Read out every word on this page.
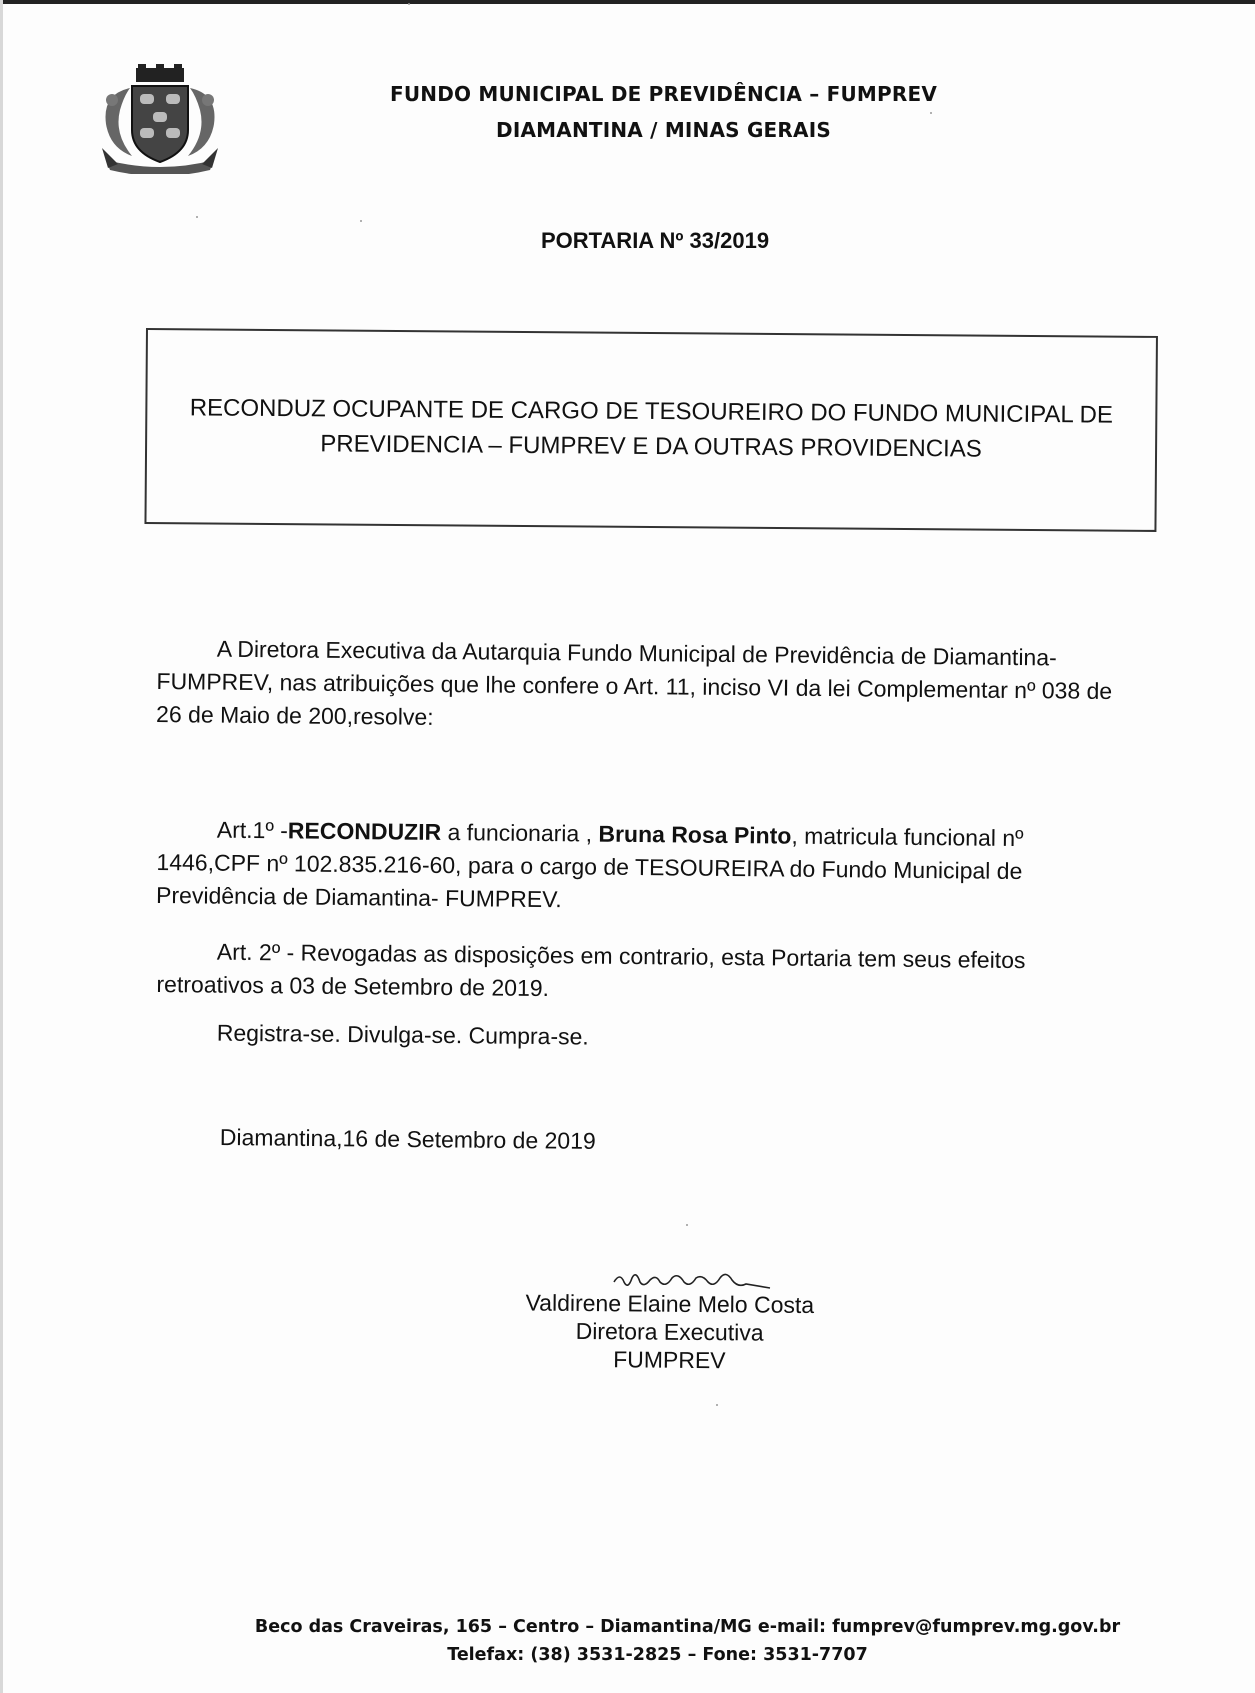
FUNDO MUNICIPAL DE PREVIDÊNCIA – FUMPREV
DIAMANTINA / MINAS GERAIS
PORTARIA Nº 33/2019
RECONDUZ OCUPANTE DE CARGO DE TESOUREIRO DO FUNDO MUNICIPAL DE
PREVIDENCIA – FUMPREV E DA OUTRAS PROVIDENCIAS
A Diretora Executiva da Autarquia Fundo Municipal de Previdência de Diamantina-FUMPREV, nas atribuições que lhe confere o Art. 11, inciso VI da lei Complementar nº 038 de 26 de Maio de 200,resolve:
Art.1º -RECONDUZIR a funcionaria , Bruna Rosa Pinto, matricula funcional nº 1446,CPF nº 102.835.216-60, para o cargo de TESOUREIRA do Fundo Municipal de Previdência de Diamantina- FUMPREV.
Art. 2º - Revogadas as disposições em contrario, esta Portaria tem seus efeitos retroativos a 03 de Setembro de 2019.
Registra-se. Divulga-se. Cumpra-se.
Diamantina,16 de Setembro de 2019
Valdirene Elaine Melo Costa
Diretora Executiva
FUMPREV
Beco das Craveiras, 165 – Centro – Diamantina/MG e-mail: fumprev@fumprev.mg.gov.br
Telefax: (38) 3531-2825 – Fone: 3531-7707
